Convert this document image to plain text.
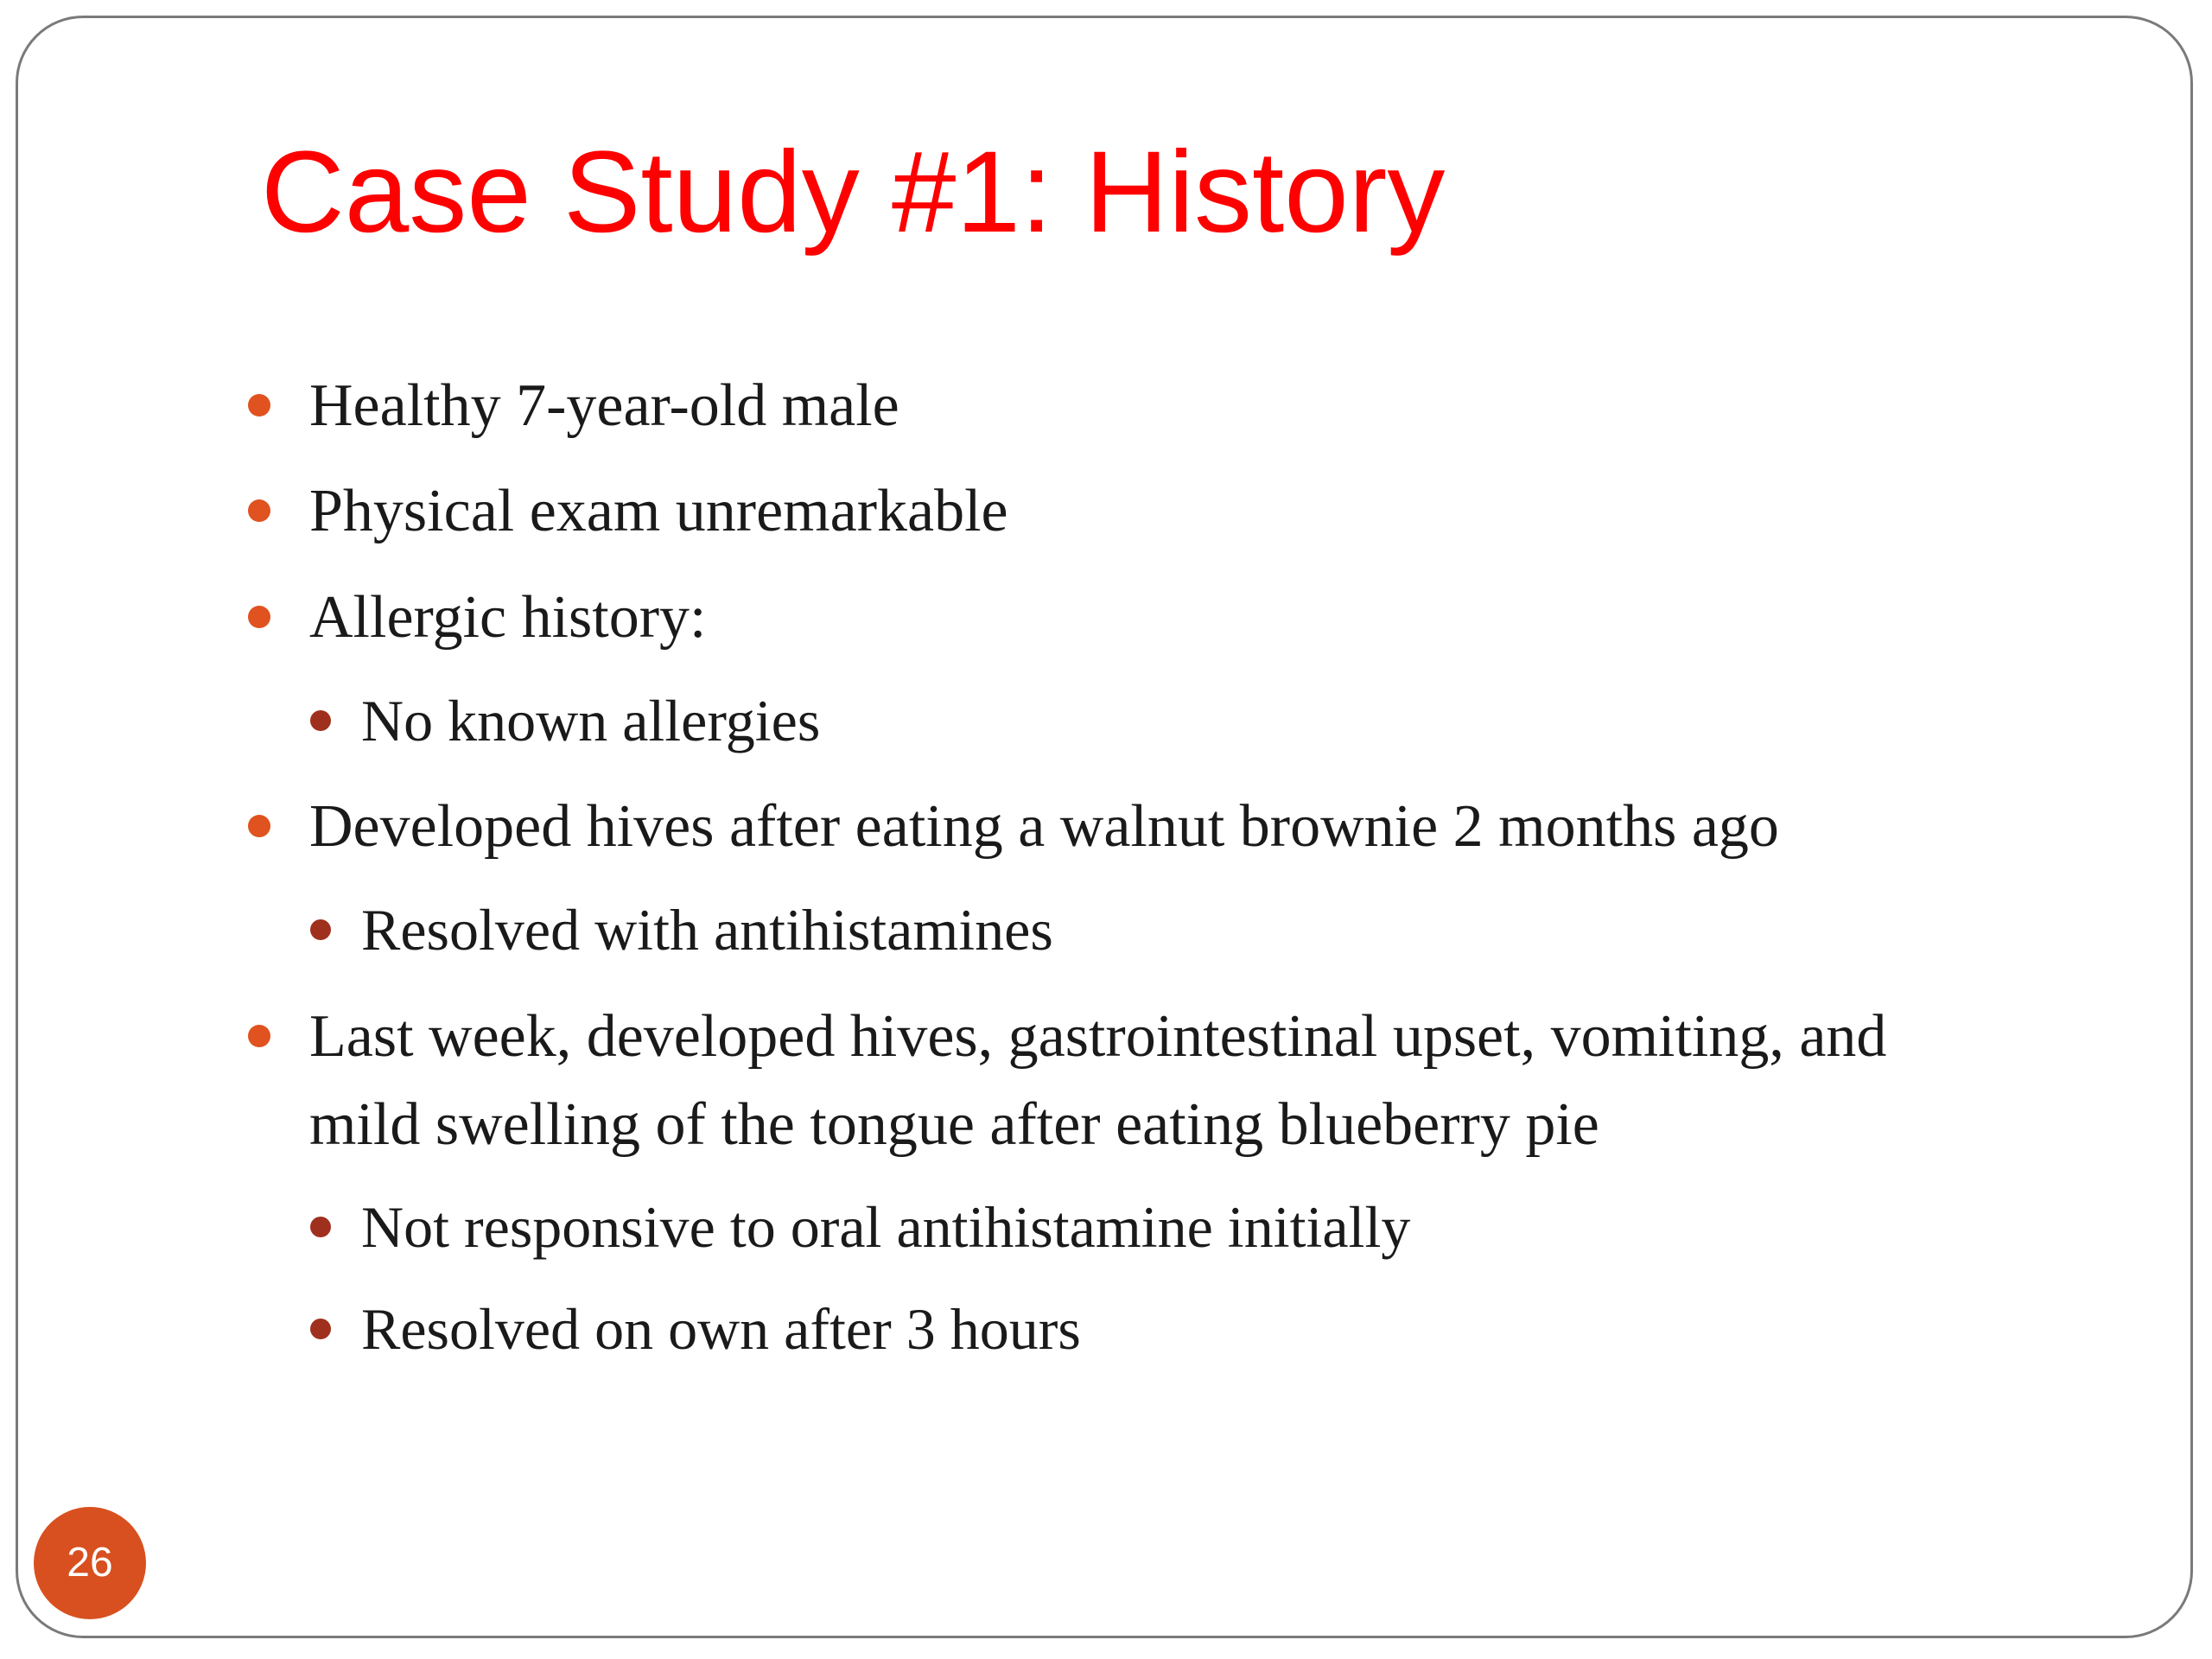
Case Study #1: History
Healthy 7-year-old male
Physical exam unremarkable
Allergic history:
No known allergies
Developed hives after eating a walnut brownie 2 months ago
Resolved with antihistamines
Last week, developed hives, gastrointestinal upset, vomiting, and
mild swelling of the tongue after eating blueberry pie
Not responsive to oral antihistamine initially
Resolved on own after 3 hours
26
